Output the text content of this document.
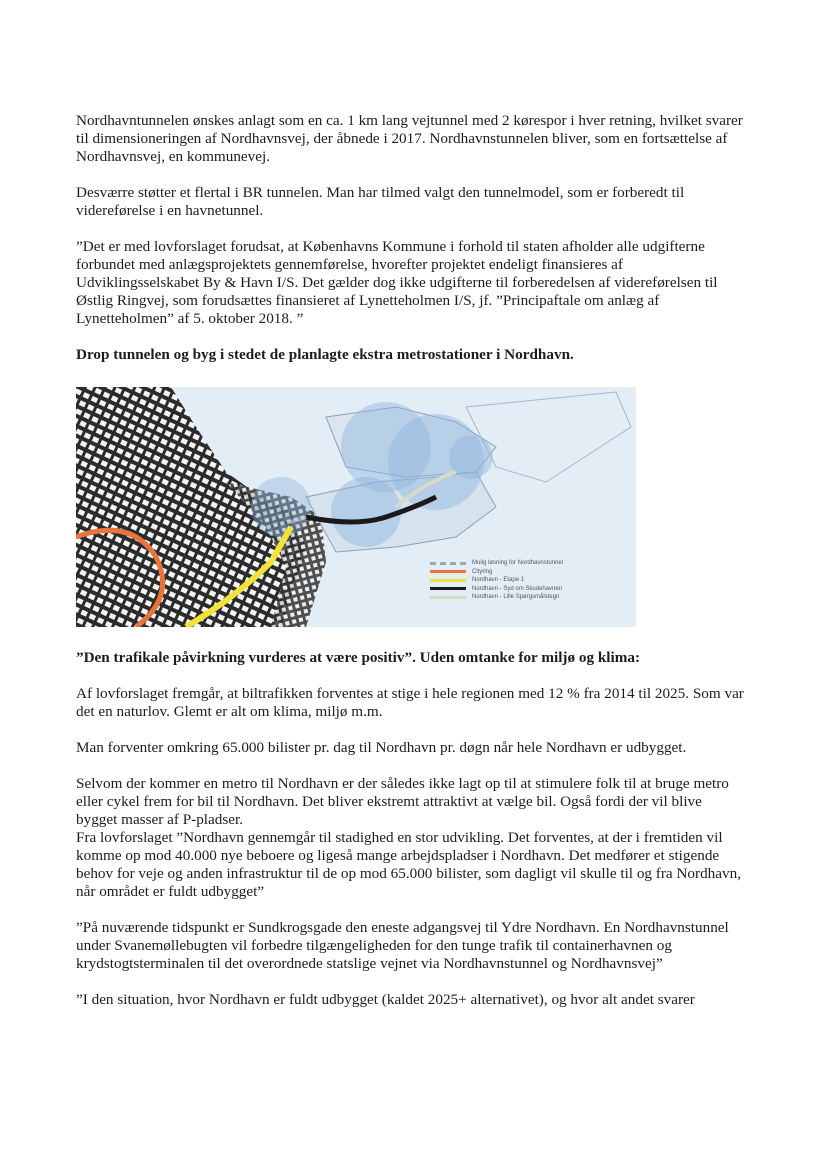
Nordhavntunnelen ønskes anlagt som en ca. 1 km lang vejtunnel med 2 kørespor i hver retning, hvilket svarer til dimensioneringen af Nordhavnsvej, der åbnede i 2017. Nordhavnstunnelen bliver, som en fortsættelse af Nordhavnsvej, en kommunevej.

Desværre støtter et flertal i BR tunnelen. Man har tilmed valgt den tunnelmodel, som er forberedt til videreførelse i en havnetunnel.

”Det er med lovforslaget forudsat, at Københavns Kommune i forhold til staten afholder alle udgifterne forbundet med anlægsprojektets gennemførelse, hvorefter projektet endeligt finansieres af Udviklingsselskabet By & Havn I/S. Det gælder dog ikke udgifterne til forberedelsen af videreførelsen til Østlig Ringvej, som forudsættes finansieret af Lynetteholmen I/S, jf. ”Principaftale om anlæg af Lynetteholmen” af 5. oktober 2018. ”

Drop tunnelen og byg i stedet de planlagte ekstra metrostationer i Nordhavn.

Mulig løsning for Nordhavnstunnel
Cityring
Nordhavn - Etape 1
Nordhavn - Syd om Skudehavnen
Nordhavn - Lille Spørgsmålstegn

”Den trafikale påvirkning vurderes at være positiv”. Uden omtanke for miljø og klima:

Af lovforslaget fremgår, at biltrafikken forventes at stige i hele regionen med 12 % fra 2014 til 2025. Som var det en naturlov. Glemt er alt om klima, miljø m.m.

Man forventer omkring 65.000 bilister pr. dag til Nordhavn pr. døgn når hele Nordhavn er udbygget.

Selvom der kommer en metro til Nordhavn er der således ikke lagt op til at stimulere folk til at bruge metro eller cykel frem for bil til Nordhavn. Det bliver ekstremt attraktivt at vælge bil. Også fordi der vil blive bygget masser af P-pladser.

Fra lovforslaget ”Nordhavn gennemgår til stadighed en stor udvikling. Det forventes, at der i fremtiden vil komme op mod 40.000 nye beboere og ligeså mange arbejdspladser i Nordhavn. Det medfører et stigende behov for veje og anden infrastruktur til de op mod 65.000 bilister, som dagligt vil skulle til og fra Nordhavn, når området er fuldt udbygget”

”På nuværende tidspunkt er Sundkrogsgade den eneste adgangsvej til Ydre Nordhavn. En Nordhavnstunnel under Svanemøllebugten vil forbedre tilgængeligheden for den tunge trafik til containerhavnen og krydstogtsterminalen til det overordnede statslige vejnet via Nordhavnstunnel og Nordhavnsvej”

”I den situation, hvor Nordhavn er fuldt udbygget (kaldet 2025+ alternativet), og hvor alt andet svarer
